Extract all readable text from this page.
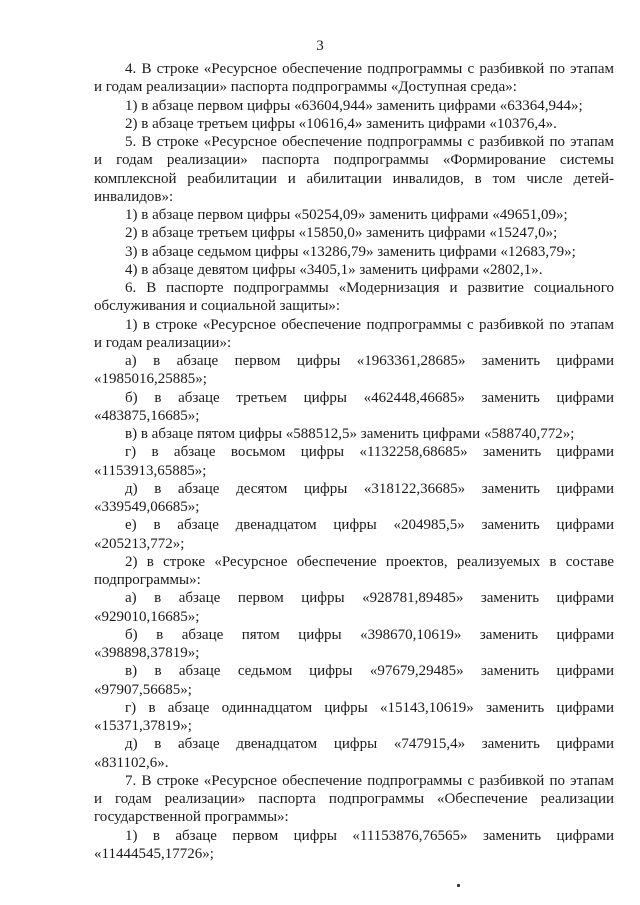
3
4. В строке «Ресурсное обеспечение подпрограммы с разбивкой по этапам
и годам реализации» паспорта подпрограммы «Доступная среда»:
1) в абзаце первом цифры «63604,944» заменить цифрами «63364,944»;
2) в абзаце третьем цифры «10616,4» заменить цифрами «10376,4».
5. В строке «Ресурсное обеспечение подпрограммы с разбивкой по этапам
и годам реализации» паспорта подпрограммы «Формирование системы
комплексной реабилитации и абилитации инвалидов, в том числе детей-
инвалидов»:
1) в абзаце первом цифры «50254,09» заменить цифрами «49651,09»;
2) в абзаце третьем цифры «15850,0» заменить цифрами «15247,0»;
3) в абзаце седьмом цифры «13286,79» заменить цифрами «12683,79»;
4) в абзаце девятом цифры «3405,1» заменить цифрами «2802,1».
6. В паспорте подпрограммы «Модернизация и развитие социального
обслуживания и социальной защиты»:
1) в строке «Ресурсное обеспечение подпрограммы с разбивкой по этапам
и годам реализации»:
а) в абзаце первом цифры «1963361,28685» заменить цифрами
«1985016,25885»;
б) в абзаце третьем цифры «462448,46685» заменить цифрами
«483875,16685»;
в) в абзаце пятом цифры «588512,5» заменить цифрами «588740,772»;
г) в абзаце восьмом цифры «1132258,68685» заменить цифрами
«1153913,65885»;
д) в абзаце десятом цифры «318122,36685» заменить цифрами
«339549,06685»;
е) в абзаце двенадцатом цифры «204985,5» заменить цифрами
«205213,772»;
2) в строке «Ресурсное обеспечение проектов, реализуемых в составе
подпрограммы»:
а) в абзаце первом цифры «928781,89485» заменить цифрами
«929010,16685»;
б) в абзаце пятом цифры «398670,10619» заменить цифрами
«398898,37819»;
в) в абзаце седьмом цифры «97679,29485» заменить цифрами
«97907,56685»;
г) в абзаце одиннадцатом цифры «15143,10619» заменить цифрами
«15371,37819»;
д) в абзаце двенадцатом цифры «747915,4» заменить цифрами
«831102,6».
7. В строке «Ресурсное обеспечение подпрограммы с разбивкой по этапам
и годам реализации» паспорта подпрограммы «Обеспечение реализации
государственной программы»:
1) в абзаце первом цифры «11153876,76565» заменить цифрами
«11444545,17726»;
